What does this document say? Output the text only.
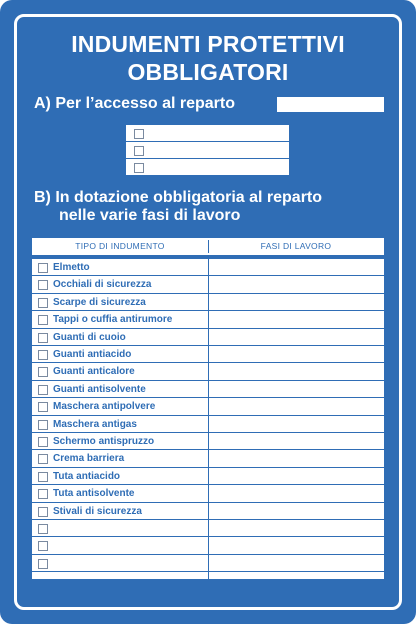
INDUMENTI PROTETTIVI
OBBLIGATORI
A) Per l’accesso al reparto
B) In dotazione obbligatoria al reparto
nelle varie fasi di lavoro
TIPO DI INDUMENTO	FASI DI LAVORO
Elmetto
Occhiali di sicurezza
Scarpe di sicurezza
Tappi o cuffia antirumore
Guanti di cuoio
Guanti antiacido
Guanti anticalore
Guanti antisolvente
Maschera antipolvere
Maschera antigas
Schermo antispruzzo
Crema barriera
Tuta antiacido
Tuta antisolvente
Stivali di sicurezza
